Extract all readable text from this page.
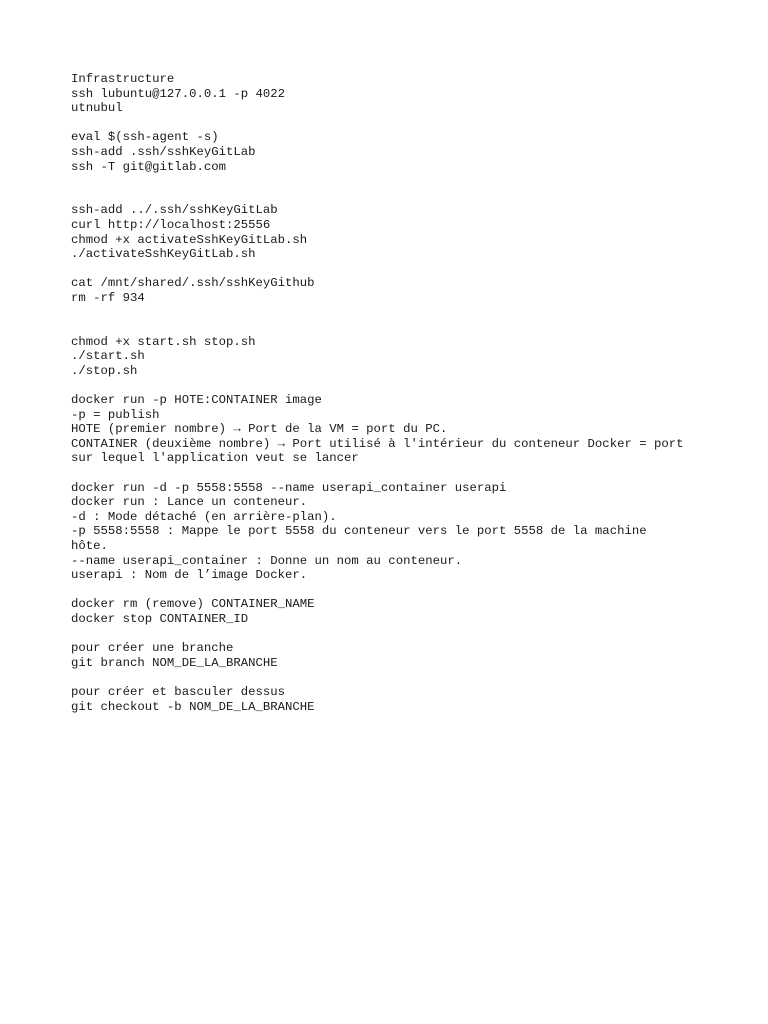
Infrastructure
ssh lubuntu@127.0.0.1 -p 4022
utnubul
eval $(ssh-agent -s)
ssh-add .ssh/sshKeyGitLab
ssh -T git@gitlab.com
ssh-add ../.ssh/sshKeyGitLab
curl http://localhost:25556
chmod +x activateSshKeyGitLab.sh
./activateSshKeyGitLab.sh
cat /mnt/shared/.ssh/sshKeyGithub
rm -rf 934
chmod +x start.sh stop.sh
./start.sh
./stop.sh
docker run -p HOTE:CONTAINER image
-p = publish
HOTE (premier nombre) → Port de la VM = port du PC.
CONTAINER (deuxième nombre) → Port utilisé à l'intérieur du conteneur Docker = port
sur lequel l'application veut se lancer
docker run -d -p 5558:5558 --name userapi_container userapi
docker run : Lance un conteneur.
-d : Mode détaché (en arrière-plan).
-p 5558:5558 : Mappe le port 5558 du conteneur vers le port 5558 de la machine
hôte.
--name userapi_container : Donne un nom au conteneur.
userapi : Nom de l’image Docker.
docker rm (remove) CONTAINER_NAME
docker stop CONTAINER_ID
pour créer une branche
git branch NOM_DE_LA_BRANCHE
pour créer et basculer dessus
git checkout -b NOM_DE_LA_BRANCHE
